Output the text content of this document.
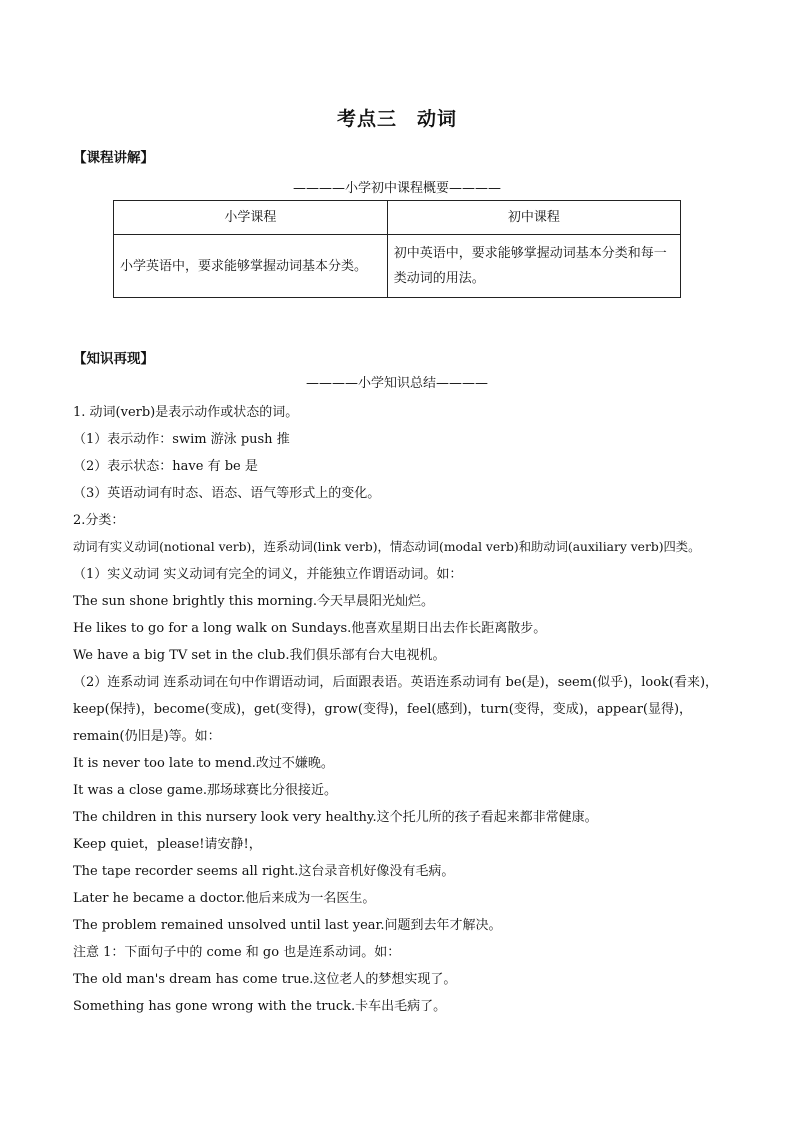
考点三　动词
【课程讲解】
————小学初中课程概要————
小学课程	初中课程
小学英语中，要求能够掌握动词基本分类。	初中英语中，要求能够掌握动词基本分类和每一类动词的用法。
【知识再现】
————小学知识总结————
1. 动词(verb)是表示动作或状态的词。
（1）表示动作：swim 游泳 push 推
（2）表示状态：have 有 be 是
（3）英语动词有时态、语态、语气等形式上的变化。
2.分类：
动词有实义动词(notional verb)，连系动词(link verb)，情态动词(modal verb)和助动词(auxiliary verb)四类。
（1）实义动词 实义动词有完全的词义，并能独立作谓语动词。如：
The sun shone brightly this morning.今天早晨阳光灿烂。
He likes to go for a long walk on Sundays.他喜欢星期日出去作长距离散步。
We have a big TV set in the club.我们俱乐部有台大电视机。
（2）连系动词 连系动词在句中作谓语动词，后面跟表语。英语连系动词有 be(是)，seem(似乎)，look(看来)，keep(保持)，become(变成)，get(变得)，grow(变得)，feel(感到)，turn(变得，变成)，appear(显得)，remain(仍旧是)等。如：
It is never too late to mend.改过不嫌晚。
It was a close game.那场球赛比分很接近。
The children in this nursery look very healthy.这个托儿所的孩子看起来都非常健康。
Keep quiet，please!请安静!，
The tape recorder seems all right.这台录音机好像没有毛病。
Later he became a doctor.他后来成为一名医生。
The problem remained unsolved until last year.问题到去年才解决。
注意 1：下面句子中的 come 和 go 也是连系动词。如：
The old man's dream has come true.这位老人的梦想实现了。
Something has gone wrong with the truck.卡车出毛病了。
